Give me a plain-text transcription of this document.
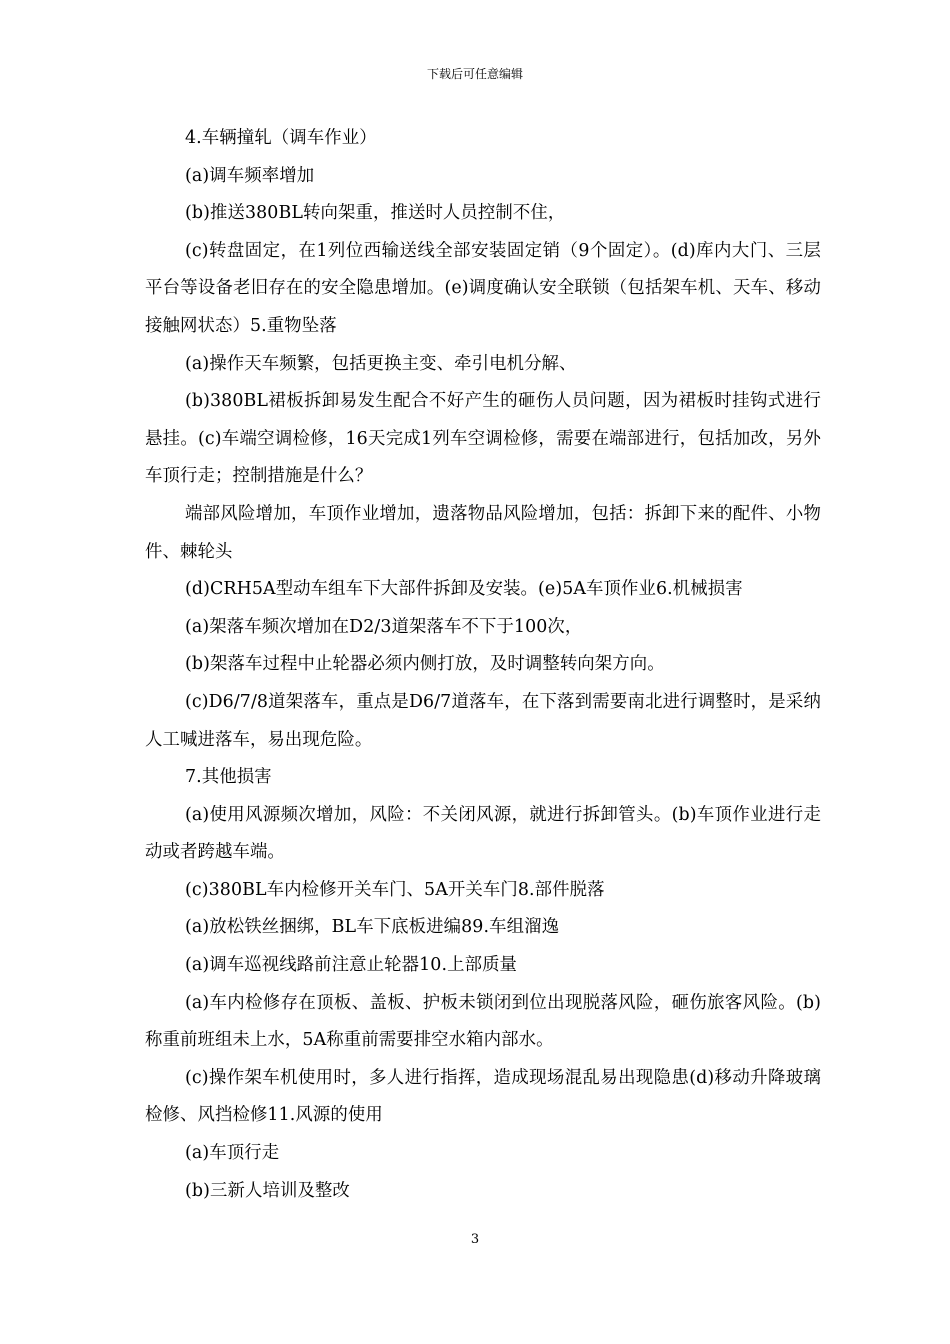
下载后可任意编辑

4.车辆撞轧（调车作业）

(a)调车频率增加

(b)推送380BL转向架重，推送时人员控制不住，

(c)转盘固定，在1列位西输送线全部安装固定销（9个固定）。(d)库内大门、三层平台等设备老旧存在的安全隐患增加。(e)调度确认安全联锁（包括架车机、天车、移动接触网状态）5.重物坠落

(a)操作天车频繁，包括更换主变、牵引电机分解、

(b)380BL裙板拆卸易发生配合不好产生的砸伤人员问题，因为裙板时挂钩式进行悬挂。(c)车端空调检修，16天完成1列车空调检修，需要在端部进行，包括加改，另外车顶行走；控制措施是什么？

端部风险增加，车顶作业增加，遗落物品风险增加，包括：拆卸下来的配件、小物件、棘轮头

(d)CRH5A型动车组车下大部件拆卸及安装。(e)5A车顶作业6.机械损害

(a)架落车频次增加在D2/3道架落车不下于100次，

(b)架落车过程中止轮器必须内侧打放，及时调整转向架方向。

(c)D6/7/8道架落车，重点是D6/7道落车，在下落到需要南北进行调整时，是采纳人工喊进落车，易出现危险。

7.其他损害

(a)使用风源频次增加，风险：不关闭风源，就进行拆卸管头。(b)车顶作业进行走动或者跨越车端。

(c)380BL车内检修开关车门、5A开关车门8.部件脱落

(a)放松铁丝捆绑，BL车下底板进编89.车组溜逸

(a)调车巡视线路前注意止轮器10.上部质量

(a)车内检修存在顶板、盖板、护板未锁闭到位出现脱落风险，砸伤旅客风险。(b)称重前班组未上水，5A称重前需要排空水箱内部水。

(c)操作架车机使用时，多人进行指挥，造成现场混乱易出现隐患(d)移动升降玻璃检修、风挡检修11.风源的使用

(a)车顶行走

(b)三新人培训及整改

3
